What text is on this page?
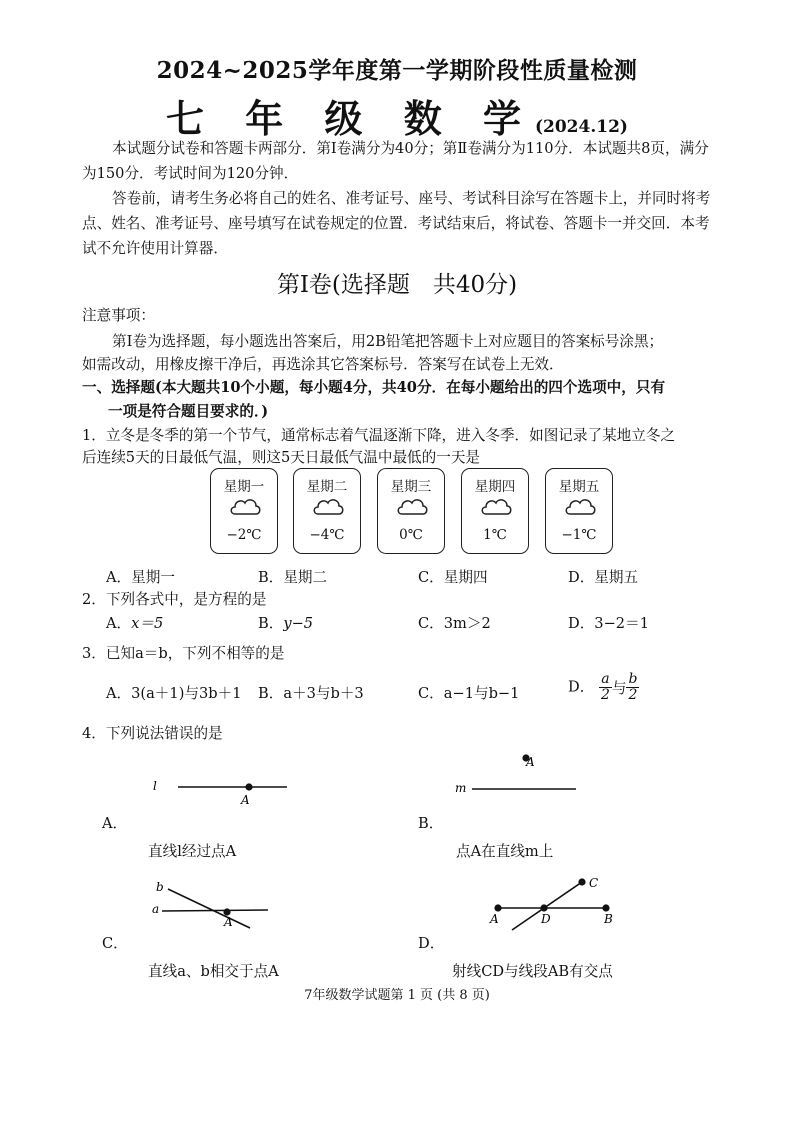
2024~2025学年度第一学期阶段性质量检测
七 年 级 数 学(2024.12)
本试题分试卷和答题卡两部分．第Ⅰ卷满分为40分；第Ⅱ卷满分为110分．本试题共8页，满分为150分．考试时间为120分钟．
答卷前，请考生务必将自己的姓名、准考证号、座号、考试科目涂写在答题卡上，并同时将考点、姓名、准考证号、座号填写在试卷规定的位置．考试结束后，将试卷、答题卡一并交回．本考试不允许使用计算器．
第Ⅰ卷(选择题　共40分)
注意事项：
第Ⅰ卷为选择题，每小题选出答案后，用2B铅笔把答题卡上对应题目的答案标号涂黑；
如需改动，用橡皮擦干净后，再选涂其它答案标号．答案写在试卷上无效．
一、选择题(本大题共10个小题，每小题4分，共40分．在每小题给出的四个选项中，只有
一项是符合题目要求的．)
1．立冬是冬季的第一个节气，通常标志着气温逐渐下降，进入冬季．如图记录了某地立冬之
后连续5天的日最低气温，则这5天日最低气温中最低的一天是
星期一
−2℃
星期二
−4℃
星期三
0℃
星期四
1℃
星期五
−1℃
A．星期一	B．星期二	C．星期四	D．星期五
2．下列各式中，是方程的是
A．x＝5	B．y−5	C．3m＞2	D．3−2＝1
3．已知a＝b，下列不相等的是
A．3(a＋1)与3b＋1 B．a＋3与b＋3	C．a−1与b−1	D． $\frac{a}{2}$ 与 $\frac{b}{2}$
4．下列说法错误的是
l
A
A．
直线l经过点A
A
m
B．
点A在直线m上
b
a
A
C．
直线a、b相交于点A
A	B
C
D
D．
射线CD与线段AB有交点
7年级数学试题第 1 页 (共 8 页)
